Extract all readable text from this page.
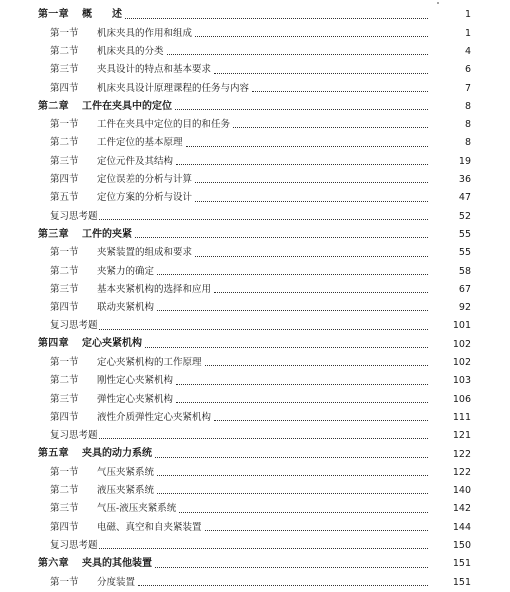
第一章	概　　述	1
第一节	机床夹具的作用和组成	1
第二节	机床夹具的分类	4
第三节	夹具设计的特点和基本要求	6
第四节	机床夹具设计原理课程的任务与内容	7
第二章	工件在夹具中的定位	8
第一节	工件在夹具中定位的目的和任务	8
第二节	工件定位的基本原理	8
第三节	定位元件及其结构	19
第四节	定位误差的分析与计算	36
第五节	定位方案的分析与设计	47
复习思考题	52
第三章	工件的夹紧	55
第一节	夹紧装置的组成和要求	55
第二节	夹紧力的确定	58
第三节	基本夹紧机构的选择和应用	67
第四节	联动夹紧机构	92
复习思考题	101
第四章	定心夹紧机构	102
第一节	定心夹紧机构的工作原理	102
第二节	刚性定心夹紧机构	103
第三节	弹性定心夹紧机构	106
第四节	液性介质弹性定心夹紧机构	111
复习思考题	121
第五章	夹具的动力系统	122
第一节	气压夹紧系统	122
第二节	液压夹紧系统	140
第三节	气压-液压夹紧系统	142
第四节	电磁、真空和自夹紧装置	144
复习思考题	150
第六章	夹具的其他装置	151
第一节	分度装置	151
